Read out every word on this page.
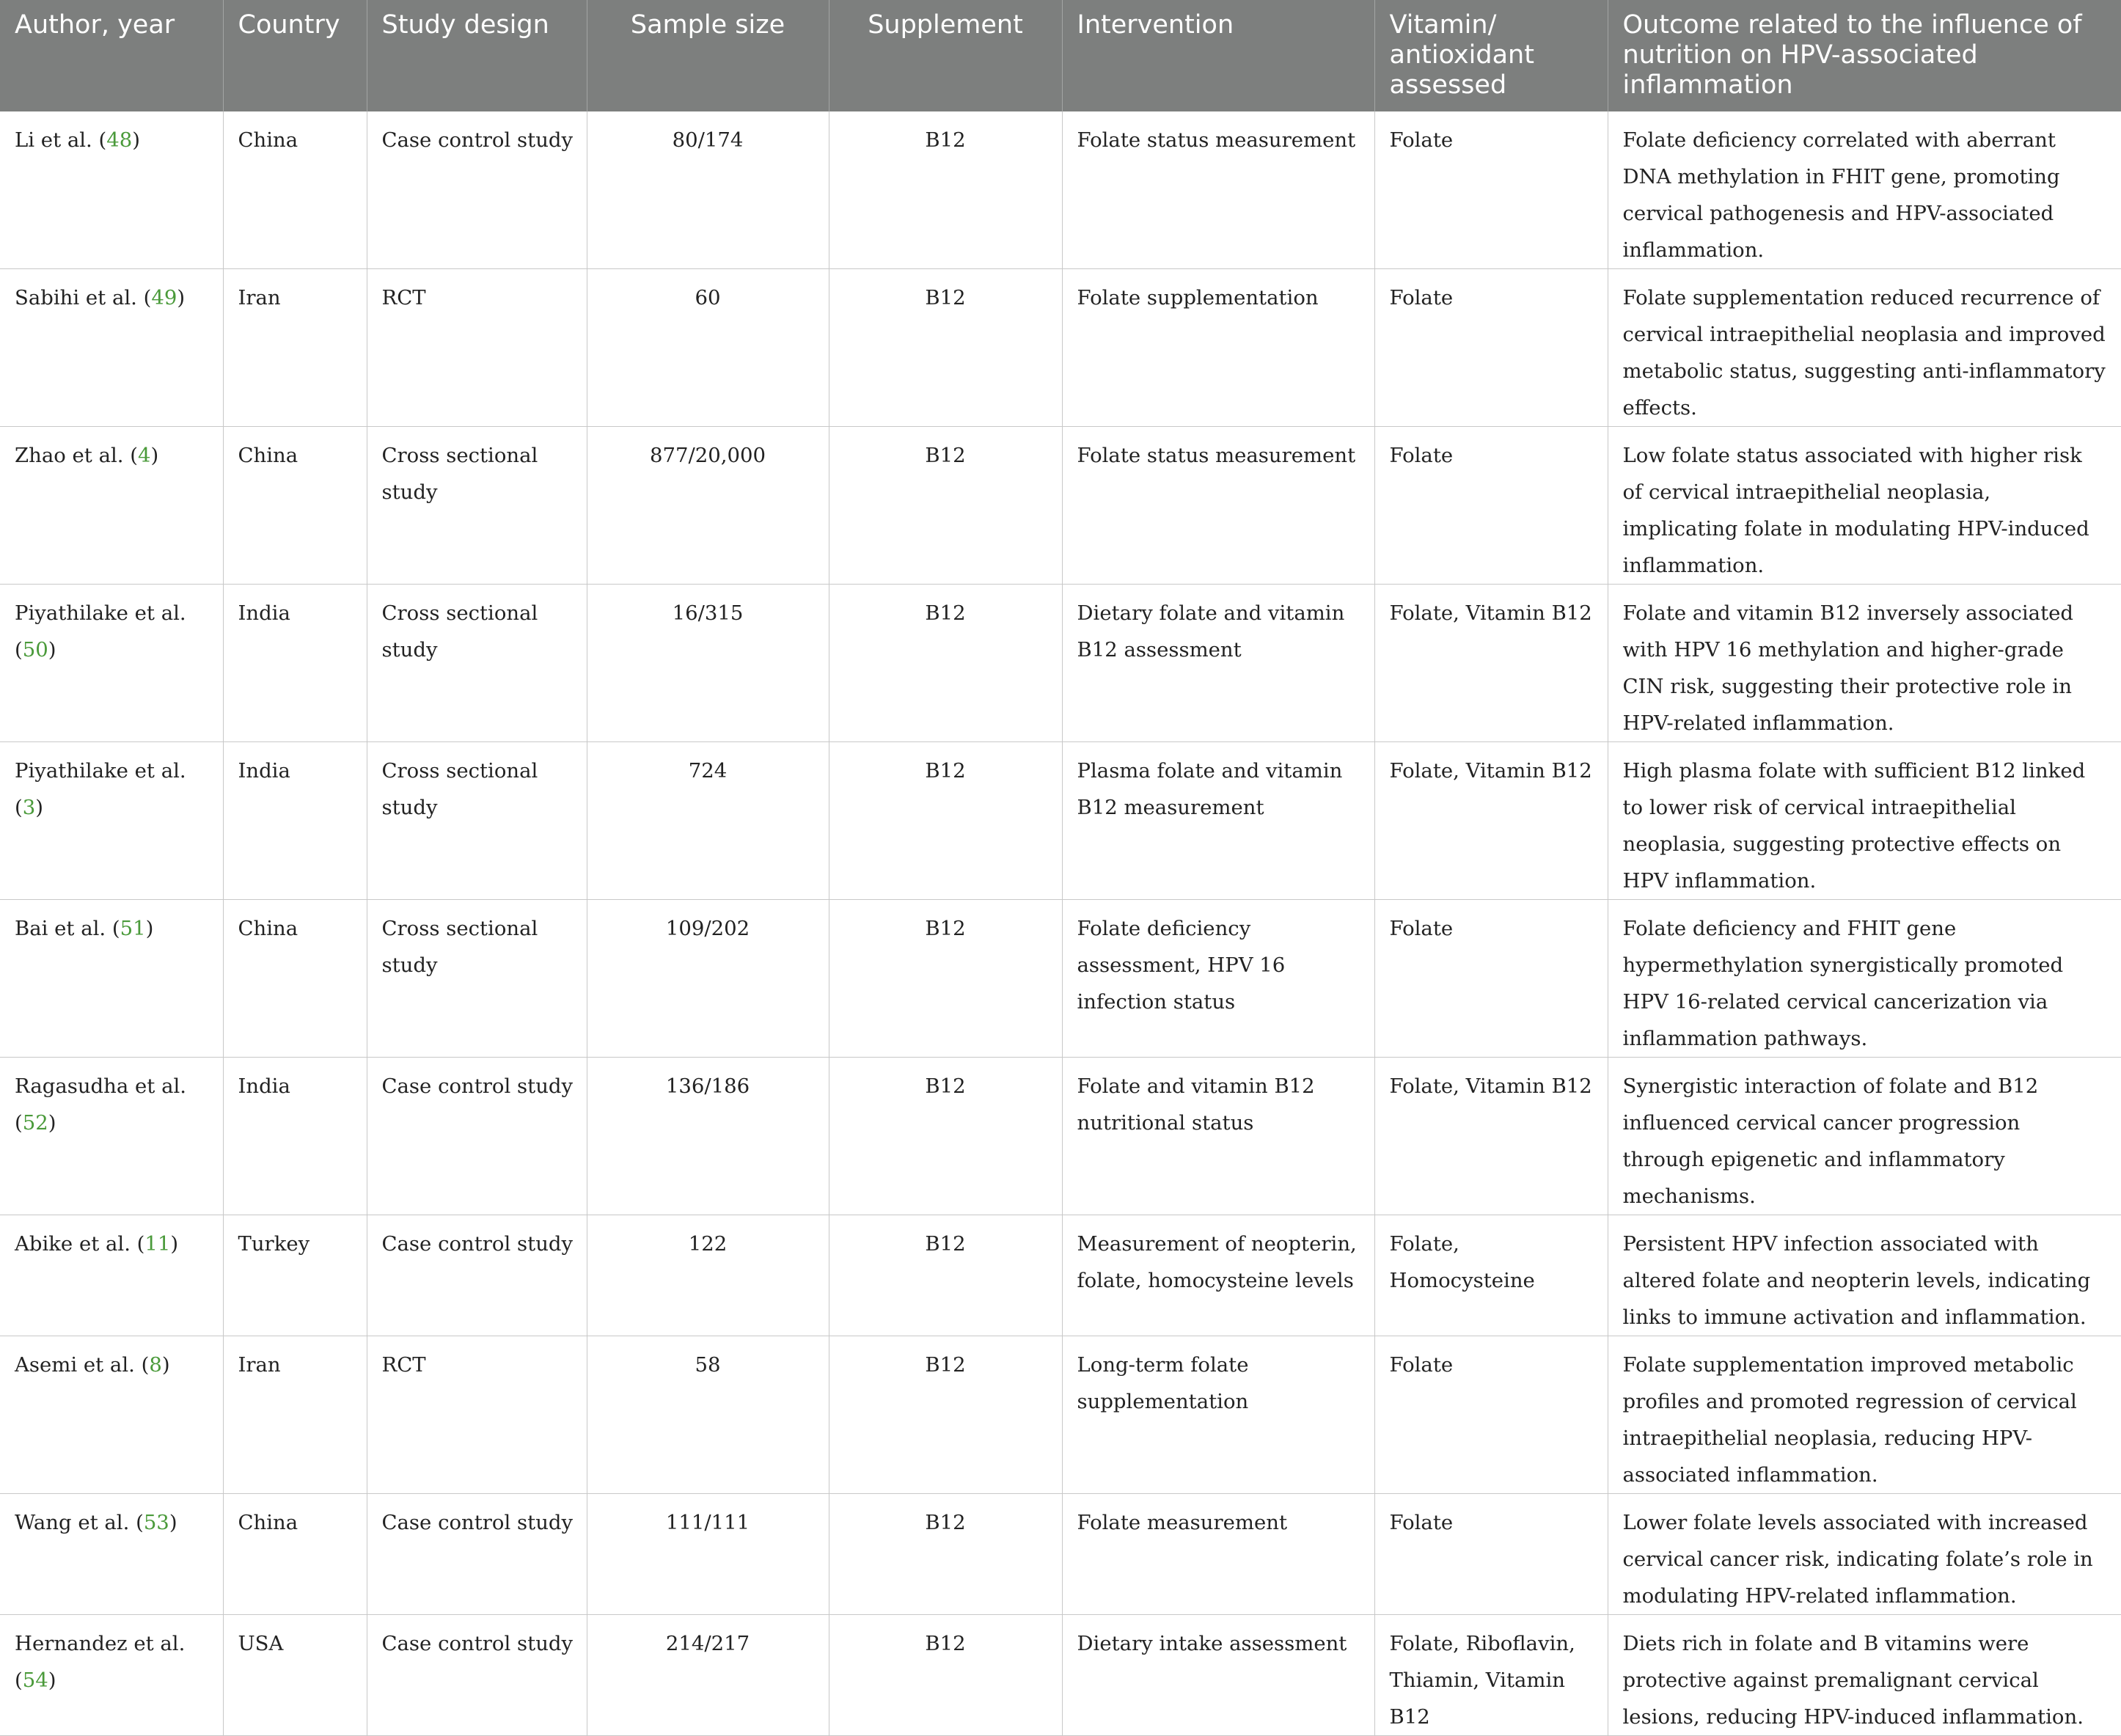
Author, year	Country	Study design	Sample size	Supplement	Intervention	Vitamin/ antioxidant assessed	Outcome related to the influence of nutrition on HPV-associated inflammation
Li et al. (48)	China	Case control study	80/174	B12	Folate status measurement	Folate	Folate deficiency correlated with aberrant DNA methylation in FHIT gene, promoting cervical pathogenesis and HPV-associated inflammation.
Sabihi et al. (49)	Iran	RCT	60	B12	Folate supplementation	Folate	Folate supplementation reduced recurrence of cervical intraepithelial neoplasia and improved metabolic status, suggesting anti-inflammatory effects.
Zhao et al. (4)	China	Cross sectional study	877/20,000	B12	Folate status measurement	Folate	Low folate status associated with higher risk of cervical intraepithelial neoplasia, implicating folate in modulating HPV-induced inflammation.
Piyathilake et al. (50)	India	Cross sectional study	16/315	B12	Dietary folate and vitamin B12 assessment	Folate, Vitamin B12	Folate and vitamin B12 inversely associated with HPV 16 methylation and higher-grade CIN risk, suggesting their protective role in HPV-related inflammation.
Piyathilake et al. (3)	India	Cross sectional study	724	B12	Plasma folate and vitamin B12 measurement	Folate, Vitamin B12	High plasma folate with sufficient B12 linked to lower risk of cervical intraepithelial neoplasia, suggesting protective effects on HPV inflammation.
Bai et al. (51)	China	Cross sectional study	109/202	B12	Folate deficiency assessment, HPV 16 infection status	Folate	Folate deficiency and FHIT gene hypermethylation synergistically promoted HPV 16-related cervical cancerization via inflammation pathways.
Ragasudha et al. (52)	India	Case control study	136/186	B12	Folate and vitamin B12 nutritional status	Folate, Vitamin B12	Synergistic interaction of folate and B12 influenced cervical cancer progression through epigenetic and inflammatory mechanisms.
Abike et al. (11)	Turkey	Case control study	122	B12	Measurement of neopterin, folate, homocysteine levels	Folate, Homocysteine	Persistent HPV infection associated with altered folate and neopterin levels, indicating links to immune activation and inflammation.
Asemi et al. (8)	Iran	RCT	58	B12	Long-term folate supplementation	Folate	Folate supplementation improved metabolic profiles and promoted regression of cervical intraepithelial neoplasia, reducing HPV-associated inflammation.
Wang et al. (53)	China	Case control study	111/111	B12	Folate measurement	Folate	Lower folate levels associated with increased cervical cancer risk, indicating folate’s role in modulating HPV-related inflammation.
Hernandez et al. (54)	USA	Case control study	214/217	B12	Dietary intake assessment	Folate, Riboflavin, Thiamin, Vitamin B12	Diets rich in folate and B vitamins were protective against premalignant cervical lesions, reducing HPV-induced inflammation.
